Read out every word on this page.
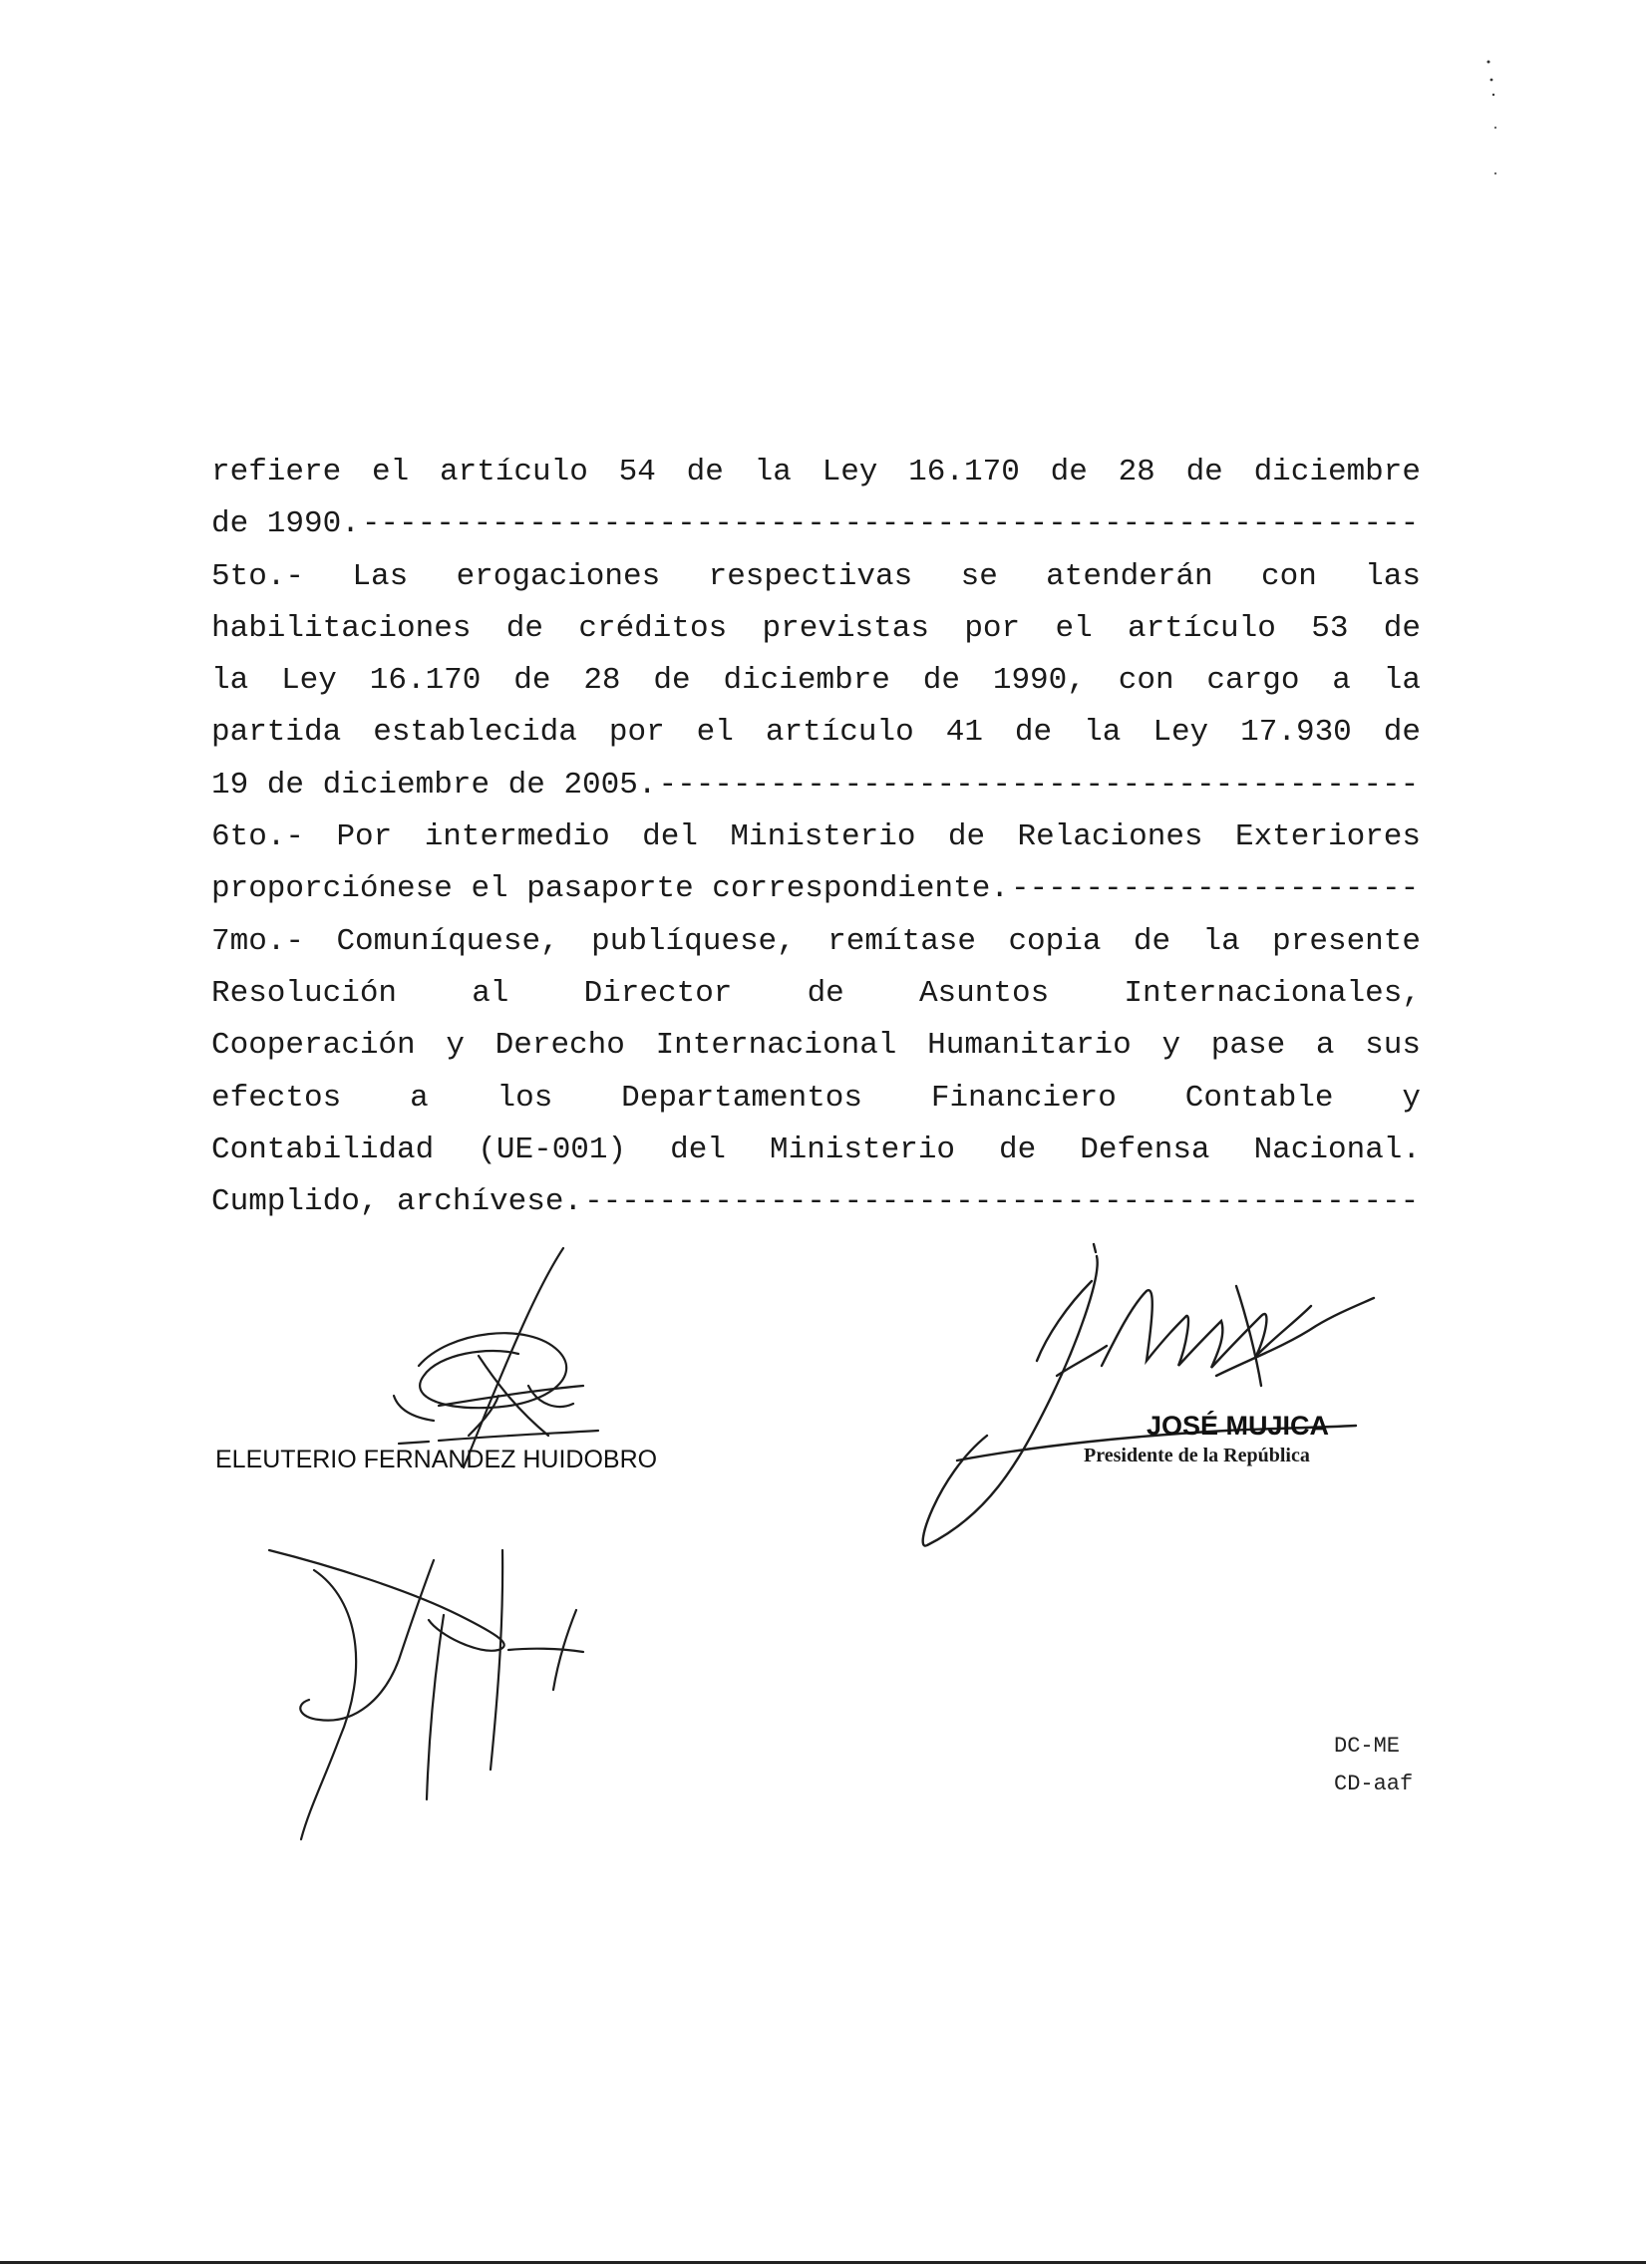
refiere el artículo 54 de la Ley 16.170 de 28 de diciembre
de 1990.
-----
5to.- Las erogaciones respectivas se atenderán con las
habilitaciones de créditos previstas por el artículo 53 de
la Ley 16.170 de 28 de diciembre de 1990, con cargo a la
partida establecida por el artículo 41 de la Ley 17.930 de
19 de diciembre de 2005.
-----
6to.- Por intermedio del Ministerio de Relaciones Exteriores
proporciónese el pasaporte correspondiente.
-----
7mo.- Comuníquese, publíquese, remítase copia de la presente
Resolución al Director de Asuntos Internacionales,
Cooperación y Derecho Internacional Humanitario y pase a sus
efectos a los Departamentos Financiero Contable y
Contabilidad (UE-001) del Ministerio de Defensa Nacional.
Cumplido, archívese.
-----
ELEUTERIO FERNANDEZ HUIDOBRO
JOSÉ MUJICA
Presidente de la República
DC-ME
CD-aaf
